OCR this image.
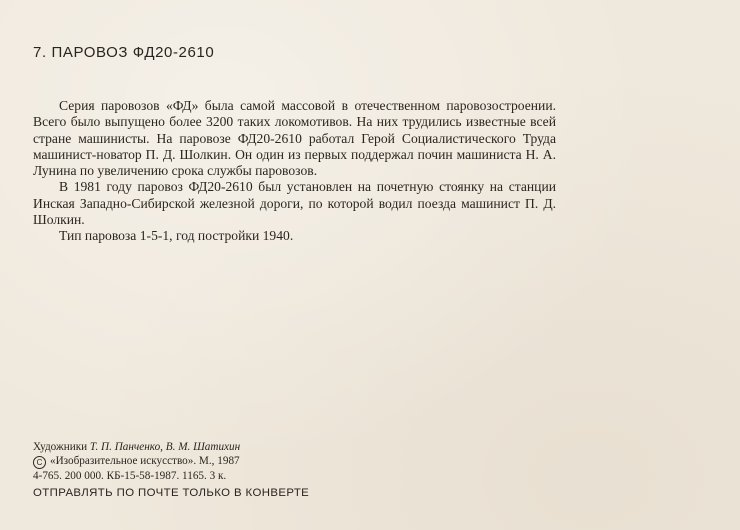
7. ПАРОВОЗ ФД20-2610

Серия паровозов «ФД» была самой массовой в отечественном паровозостроении. Всего было выпущено более 3200 таких локомотивов. На них трудились известные всей стране машинисты. На паровозе ФД20-2610 работал Герой Социалистического Труда машинист-новатор П. Д. Шолкин. Он один из первых поддержал почин машиниста Н. А. Лунина по увеличению срока службы паровозов.

В 1981 году паровоз ФД20-2610 был установлен на почетную стоянку на станции Инская Западно-Сибирской железной дороги, по которой водил поезда машинист П. Д. Шолкин.

Тип паровоза 1-5-1, год постройки 1940.

Художники Т. П. Панченко, В. М. Шатихин
C «Изобразительное искусство». М., 1987
4-765. 200 000. КБ-15-58-1987. 1165. 3 к.
ОТПРАВЛЯТЬ ПО ПОЧТЕ ТОЛЬКО В КОНВЕРТЕ
